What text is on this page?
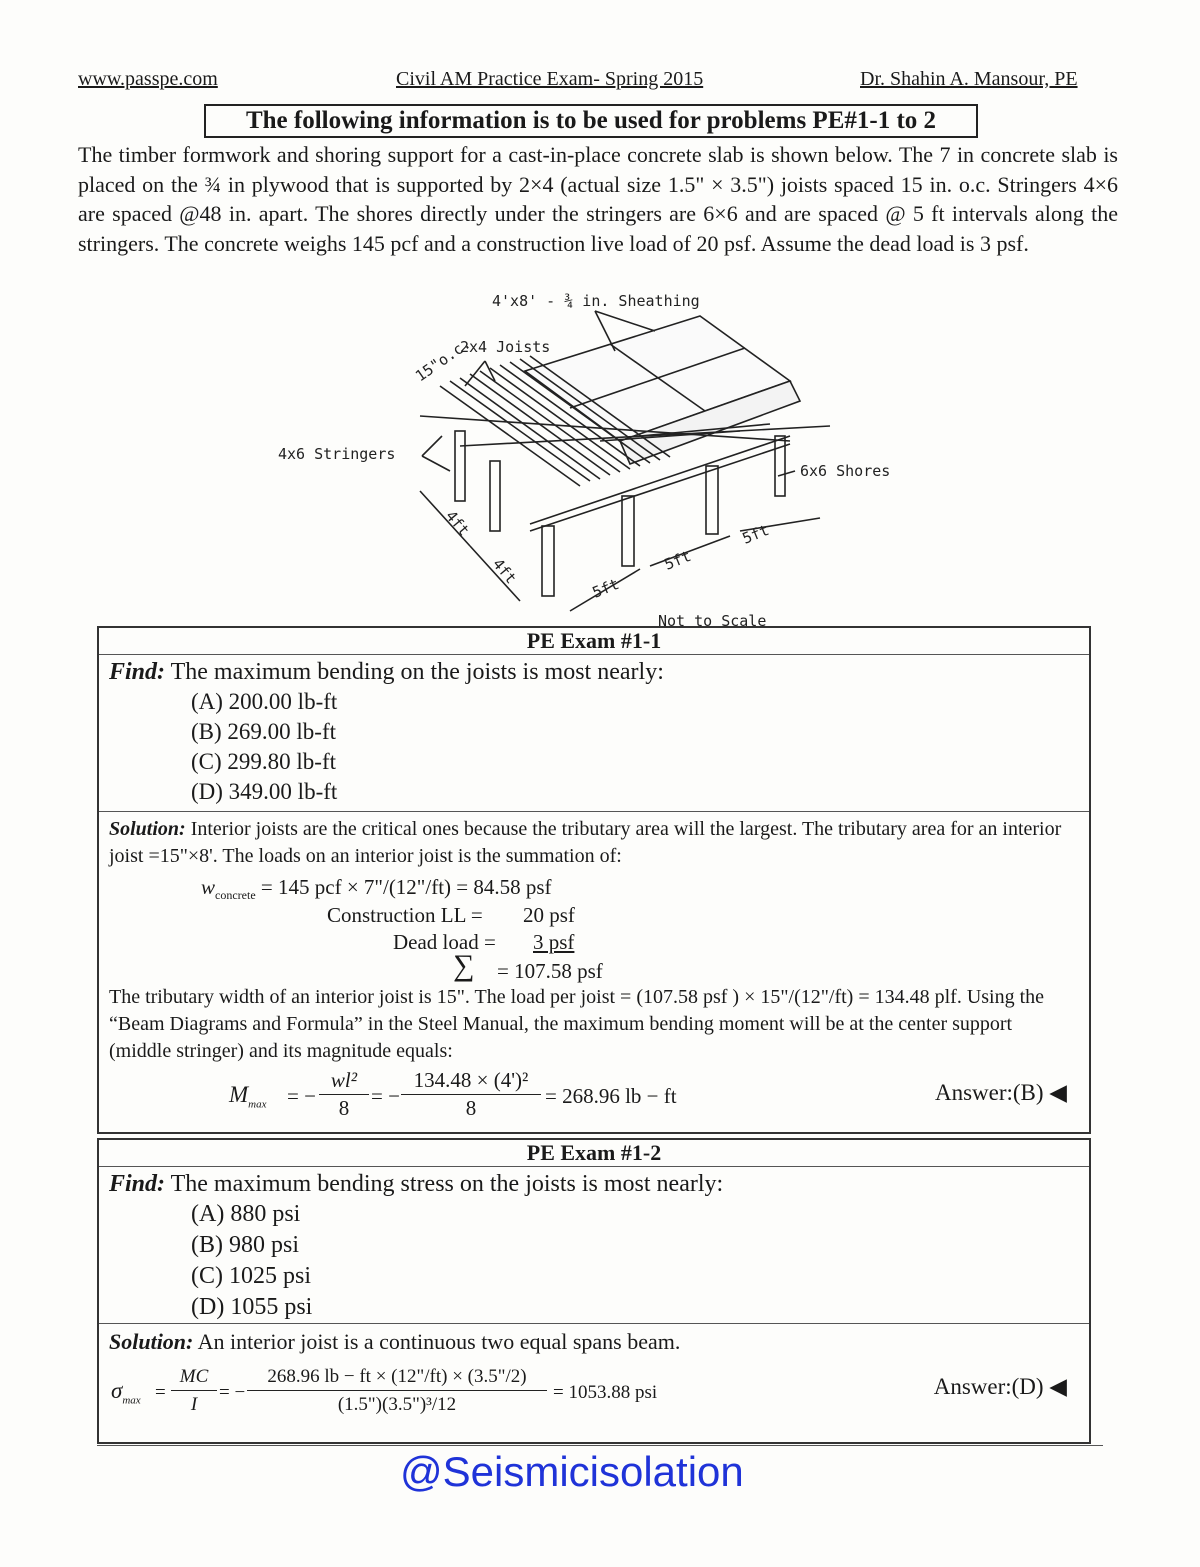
www.passpe.com	Civil AM Practice Exam- Spring 2015	Dr. Shahin A. Mansour, PE
The following information is to be used for problems PE#1-1 to 2

The timber formwork and shoring support for a cast-in-place concrete slab is shown below. The 7 in concrete slab is placed on the ¾ in plywood that is supported by 2×4 (actual size 1.5" × 3.5") joists spaced 15 in. o.c. Stringers 4×6 are spaced @48 in. apart. The shores directly under the stringers are 6×6 and are spaced @ 5 ft intervals along the stringers. The concrete weighs 145 pcf and a construction live load of 20 psf. Assume the dead load is 3 psf.

4'x8' - ¾ in. Sheathing
2x4 Joists
15"o.c.
4x6 Stringers
6x6 Shores
4ft
4ft
5ft
5ft
5ft
Not to Scale
PE Exam #1-1
Find: The maximum bending on the joists is most nearly:
(A) 200.00 lb-ft
(B) 269.00 lb-ft
(C) 299.80 lb-ft
(D) 349.00 lb-ft
Solution: Interior joists are the critical ones because the tributary area will the largest. The tributary area for an interior joist =15"×8'. The loads on an interior joist is the summation of:
$w_{concrete} = 145$ pcf × 7"/(12"/ft) = 84.58 psf
Construction LL = 20 psf
Dead load = 3 psf
∑ = 107.58 psf
The tributary width of an interior joist is 15". The load per joist = (107.58 psf ) × 15"/(12"/ft) = 134.48 plf. Using the “Beam Diagrams and Formula” in the Steel Manual, the maximum bending moment will be at the center support (middle stringer) and its magnitude equals:
$M_{max}$ = − $\frac{\text{wl²}}{8}$ = − $\frac{\text{134.48 × (4')²}}{8} = 268.96$ lb − ft	Answer:(B) ◀
PE Exam #1-2
Find: The maximum bending stress on the joists is most nearly:
(A) 880 psi
(B) 980 psi
(C) 1025 psi
(D) 1055 psi
Solution: An interior joist is a continuous two equal spans beam.
$\sigma_{max} = \frac{MC}{I}$ = − $\frac{268.96 lb - ft \times (12"/ft) \times (3.5"/2)}{\text{(1.5")(3.5")³/12}} = 1053.88$ psi	Answer:(D) ◀
@Seismicisolation
